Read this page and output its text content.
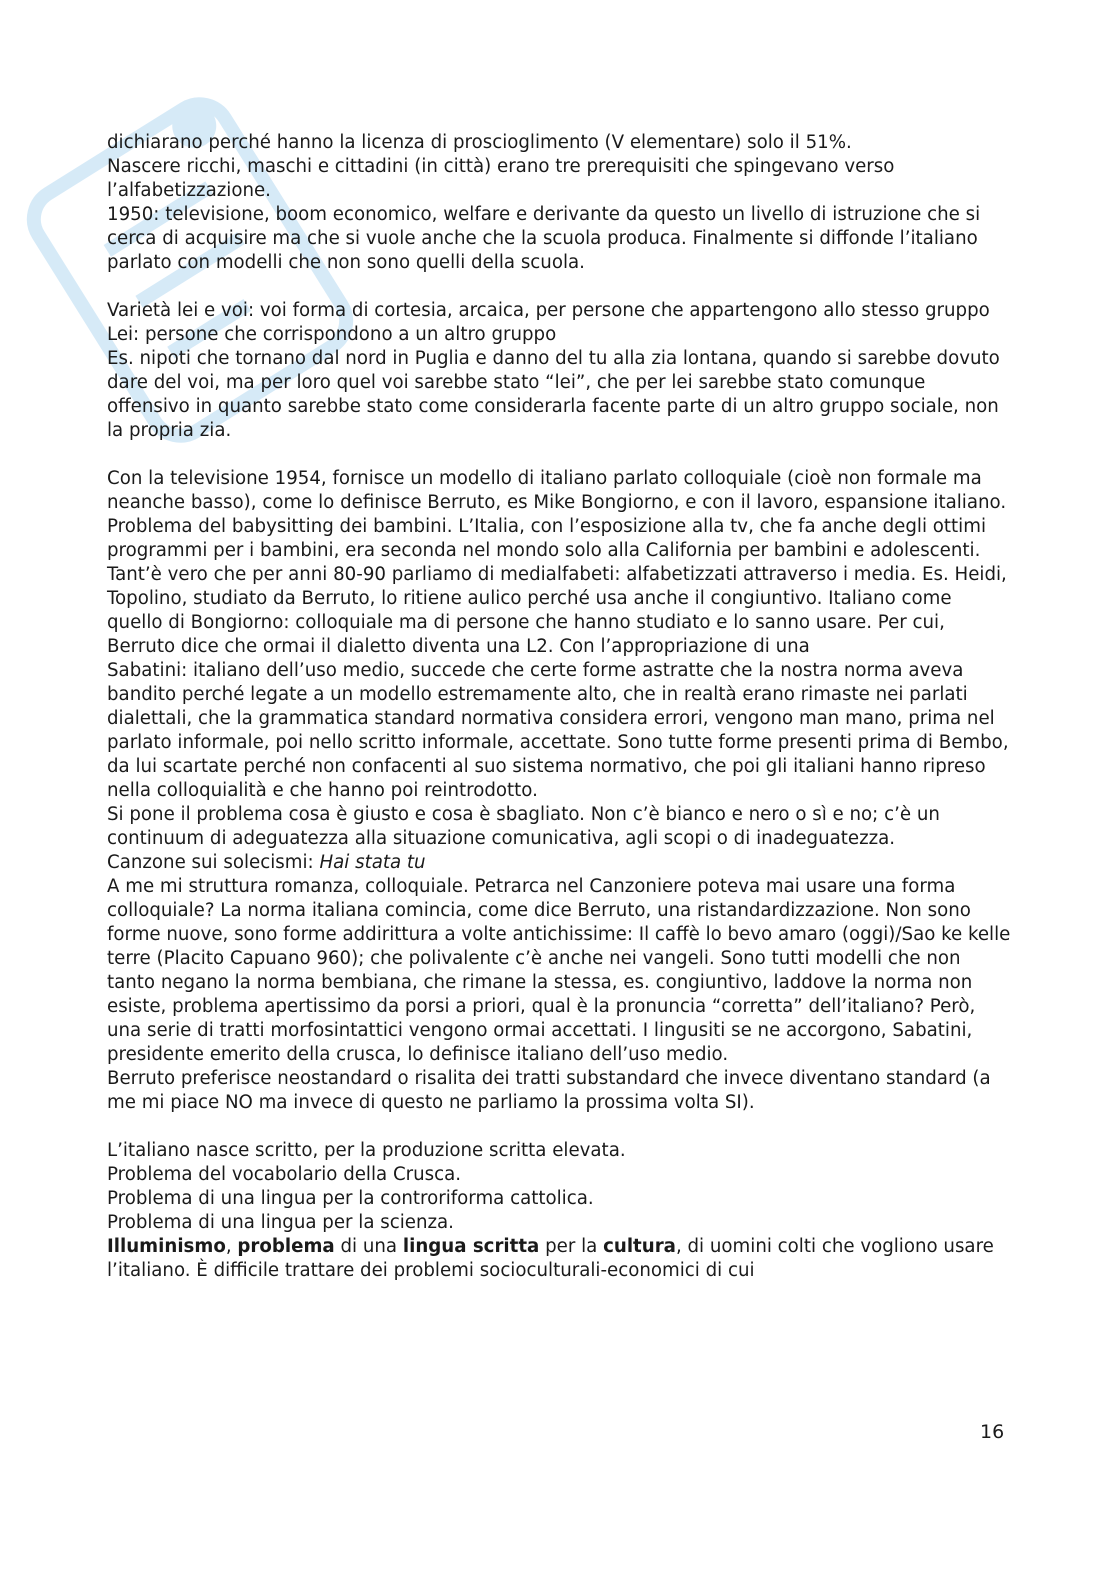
dichiarano perché hanno la licenza di proscioglimento (V elementare) solo il 51%.

Nascere ricchi, maschi e cittadini (in città) erano tre prerequisiti che spingevano verso l’alfabetizzazione.

1950: televisione, boom economico, welfare e derivante da questo un livello di istruzione che si cerca di acquisire ma che si vuole anche che la scuola produca. Finalmente si diffonde l’italiano parlato con modelli che non sono quelli della scuola.

Varietà lei e voi: voi forma di cortesia, arcaica, per persone che appartengono allo stesso gruppo

Lei: persone che corrispondono a un altro gruppo

Es. nipoti che tornano dal nord in Puglia e danno del tu alla zia lontana, quando si sarebbe dovuto dare del voi, ma per loro quel voi sarebbe stato “lei”, che per lei sarebbe stato comunque offensivo in quanto sarebbe stato come considerarla facente parte di un altro gruppo sociale, non la propria zia.

Con la televisione 1954, fornisce un modello di italiano parlato colloquiale (cioè non formale ma neanche basso), come lo definisce Berruto, es Mike Bongiorno, e con il lavoro, espansione italiano.

Problema del babysitting dei bambini. L’Italia, con l’esposizione alla tv, che fa anche degli ottimi programmi per i bambini, era seconda nel mondo solo alla California per bambini e adolescenti. Tant’è vero che per anni 80-90 parliamo di medialfabeti: alfabetizzati attraverso i media. Es. Heidi, Topolino, studiato da Berruto, lo ritiene aulico perché usa anche il congiuntivo. Italiano come quello di Bongiorno: colloquiale ma di persone che hanno studiato e lo sanno usare. Per cui, Berruto dice che ormai il dialetto diventa una L2. Con l’appropriazione di una

Sabatini: italiano dell’uso medio, succede che certe forme astratte che la nostra norma aveva bandito perché legate a un modello estremamente alto, che in realtà erano rimaste nei parlati dialettali, che la grammatica standard normativa considera errori, vengono man mano, prima nel parlato informale, poi nello scritto informale, accettate. Sono tutte forme presenti prima di Bembo, da lui scartate perché non confacenti al suo sistema normativo, che poi gli italiani hanno ripreso nella colloquialità e che hanno poi reintrodotto.

Si pone il problema cosa è giusto e cosa è sbagliato. Non c’è bianco e nero o sì e no; c’è un continuum di adeguatezza alla situazione comunicativa, agli scopi o di inadeguatezza.

Canzone sui solecismi: Hai stata tu

A me mi struttura romanza, colloquiale. Petrarca nel Canzoniere poteva mai usare una forma colloquiale? La norma italiana comincia, come dice Berruto, una ristandardizzazione. Non sono forme nuove, sono forme addirittura a volte antichissime: Il caffè lo bevo amaro (oggi)/Sao ke kelle terre (Placito Capuano 960); che polivalente c’è anche nei vangeli. Sono tutti modelli che non tanto negano la norma bembiana, che rimane la stessa, es. congiuntivo, laddove la norma non esiste, problema apertissimo da porsi a priori, qual è la pronuncia “corretta” dell’italiano? Però, una serie di tratti morfosintattici vengono ormai accettati. I lingusiti se ne accorgono, Sabatini, presidente emerito della crusca, lo definisce italiano dell’uso medio.

Berruto preferisce neostandard o risalita dei tratti substandard che invece diventano standard (a me mi piace NO ma invece di questo ne parliamo la prossima volta SI).

L’italiano nasce scritto, per la produzione scritta elevata.

Problema del vocabolario della Crusca.

Problema di una lingua per la controriforma cattolica.

Problema di una lingua per la scienza.

Illuminismo, problema di una lingua scritta per la cultura, di uomini colti che vogliono usare l’italiano. È difficile trattare dei problemi socioculturali-economici di cui

16
